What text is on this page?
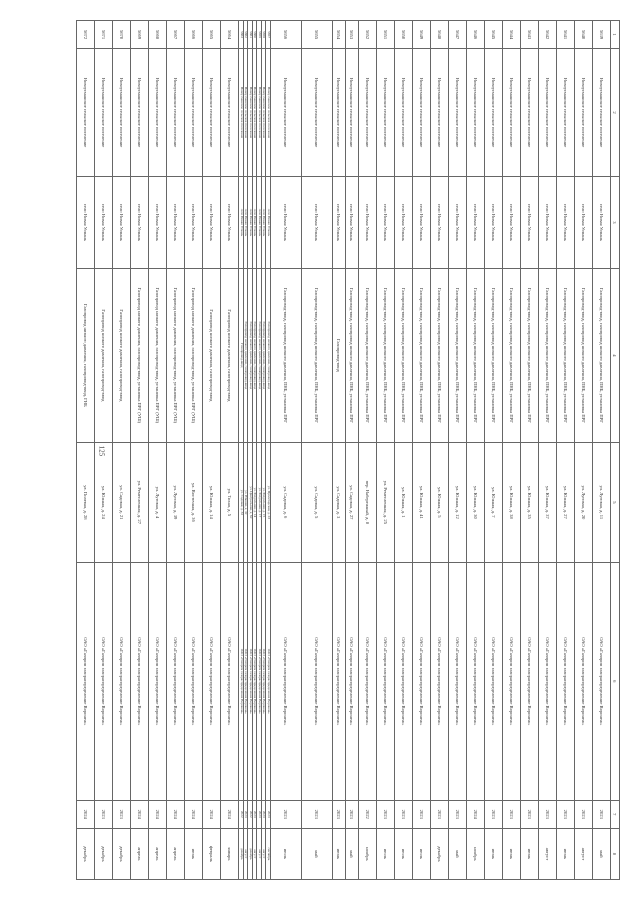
125
1	2	3	4	5	6	7	8
5639	Новоусманское сельское поселение	село Новая Усмань	Газопровод-ввод, газопровод низкого давления, ПНБ, установка ПРГ	ул. Луговая, д. 11	ОАО «Газпром газораспределение Воронеж»	2023	май
5640	Новоусманское сельское поселение	село Новая Усмань	Газопровод-ввод, газопровод низкого давления, ПНБ, установка ПРГ	ул. Луговая, д. 20	ОАО «Газпром газораспределение Воронеж»	2023	август
5641	Новоусманское сельское поселение	село Новая Усмань	Газопровод-ввод, газопровод низкого давления, ПНБ, установка ПРГ	ул. Южная, д. 27	ОАО «Газпром газораспределение Воронеж»	2023	июнь
5642	Новоусманское сельское поселение	село Новая Усмань	Газопровод-ввод, газопровод низкого давления, ПНБ, установка ПРГ	ул. Южная, д. 37	ОАО «Газпром газораспределение Воронеж»	2023	август
5643	Новоусманское сельское поселение	село Новая Усмань	Газопровод-ввод, газопровод низкого давления, ПНБ, установка ПРГ	ул. Южная, д. 35	ОАО «Газпром газораспределение Воронеж»	2023	июнь
5644	Новоусманское сельское поселение	село Новая Усмань	Газопровод-ввод, газопровод низкого давления, ПНБ, установка ПРГ	ул. Южная, д. 38	ОАО «Газпром газораспределение Воронеж»	2023	июнь
5645	Новоусманское сельское поселение	село Новая Усмань	Газопровод-ввод, газопровод низкого давления, ПНБ, установка ПРГ	ул. Южная, д. 7	ОАО «Газпром газораспределение Воронеж»	2023	июнь
5646	Новоусманское сельское поселение	село Новая Усмань	Газопровод-ввод, газопровод низкого давления, ПНБ, установка ПРГ	ул. Южная, д. 30	ОАО «Газпром газораспределение Воронеж»	2024	ноябрь
5647	Новоусманское сельское поселение	село Новая Усмань	Газопровод-ввод, газопровод низкого давления, ПНБ, установка ПРГ	ул. Южная, д. 12	ОАО «Газпром газораспределение Воронеж»	2023	май
5648	Новоусманское сельское поселение	село Новая Усмань	Газопровод-ввод, газопровод низкого давления, ПНБ, установка ПРГ	ул. Южная, д. 5	ОАО «Газпром газораспределение Воронеж»	2023	декабрь
5649	Новоусманское сельское поселение	село Новая Усмань	Газопровод-ввод, газопровод низкого давления, ПНБ, установка ПРГ	ул. Южная, д. 41	ОАО «Газпром газораспределение Воронеж»	2023	июль
5650	Новоусманское сельское поселение	село Новая Усмань	Газопровод-ввод, газопровод низкого давления, ПНБ, установка ПРГ	ул. Южная, д. 1	ОАО «Газпром газораспределение Воронеж»	2023	июль
5651	Новоусманское сельское поселение	село Новая Усмань	Газопровод-ввод, газопровод низкого давления, ПНБ, установка ПРГ	ул. Ремесленная, д. 25	ОАО «Газпром газораспределение Воронеж»	2023	июль
5652	Новоусманское сельское поселение	село Новая Усмань	Газопровод-ввод, газопровод низкого давления, ПНБ, установка ПРГ	пер. Набережный, д. 8	ОАО «Газпром газораспределение Воронеж»	2022	ноябрь
5653	Новоусманское сельское поселение	село Новая Усмань	Газопровод-ввод, газопровод низкого давления, ПНБ, установка ПРГ	ул. Садовая, д. 27	ОАО «Газпром газораспределение Воронеж»	2023	май
5654	Новоусманское сельское поселение	село Новая Усмань	Газопровод-ввод	ул. Садовая, д. 3	ОАО «Газпром газораспределение Воронеж»	2023	июнь
5655	Новоусманское сельское поселение	село Новая Усмань	Газопровод-ввод, газопровод низкого давления, ПНБ, установка ПРГ	ул. Садовая, д. 5	ОАО «Газпром газораспределение Воронеж»	2023	май
5656	Новоусманское сельское поселение	село Новая Усмань	Газопровод-ввод, газопровод низкого давления, ПНБ, установка ПРГ	ул. Садовая, д. 6	ОАО «Газпром газораспределение Воронеж»	2023	июль
5657	Новоусманское сельское поселение	село Новая Усмань	Газопровод низкого давления, газопровод-ввод	ул. Пролетарская, д. 23	ОАО «Газпром газораспределение Воронеж»	2023	сентябрь
5658	Новоусманское сельское поселение	село Новая Усмань	Газопровод низкого давления, газопровод-ввод	ул. Раздольная, д. 15	ОАО «Газпром газораспределение Воронеж»	2023	август
5659	Новоусманское сельское поселение	село Новая Усмань	Газопровод низкого давления, газопровод-ввод	ул. Раздольная, д. 17	ОАО «Газпром газораспределение Воронеж»	2023	август
5660	Новоусманское сельское поселение	село Новая Усмань	Газопровод низкого давления, газопровод-ввод	ул. Раздольная, д. 14	ОАО «Газпром газораспределение Воронеж»	2023	август
5661	Новоусманское сельское поселение	село Новая Усмань	Газопровод низкого давления, газопровод-ввод	ул. Центральная, д. 62	ОАО «Газпром газораспределение Воронеж»	2022	декабрь
5662	Новоусманское сельское поселение	село Новая Усмань	Газопровод низкого давления, газопровод-ввод	ул. Южная, д. 32	ОАО «Газпром газораспределение Воронеж»	2023	август
5663	Новоусманское сельское поселение	село Новая Усмань	Газопровод-ввод	ул. Садовая, д. 33	ОАО «Газпром газораспределение Воронеж»	2022	декабрь
5664	Новоусманское сельское поселение	село Новая Усмань	Газопровод низкого давления, газопровод-ввод	ул. Тихая, д. 5	ОАО «Газпром газораспределение Воронеж»	2024	январь
5665	Новоусманское сельское поселение	село Новая Усмань	Газопровод низкого давления, газопровод-ввод	ул. Южная, д. 14	ОАО «Газпром газораспределение Воронеж»	2024	февраль
5666	Новоусманское сельское поселение	село Новая Усмань	Газопровод низкого давления, газопровод-ввод, установка ПРГ (УШ)	ул. Восточная, д. 36	ОАО «Газпром газораспределение Воронеж»	2024	июнь
5667	Новоусманское сельское поселение	село Новая Усмань	Газопровод низкого давления, газопровод-ввод, установка ПРГ (УШ)	ул. Луговая, д. 39	ОАО «Газпром газораспределение Воронеж»	2024	апрель
5668	Новоусманское сельское поселение	село Новая Усмань	Газопровод низкого давления, газопровод-ввод, установка ПРГ (УШ)	ул. Луговая, д. 4	ОАО «Газпром газораспределение Воронеж»	2024	апрель
5669	Новоусманское сельское поселение	село Новая Усмань	Газопровод низкого давления, газопровод-ввод, установка ПРГ (УШ)	ул. Ремесленная, д. 27	ОАО «Газпром газораспределение Воронеж»	2024	апрель
5670	Новоусманское сельское поселение	село Новая Усмань	Газопровод низкого давления, газопровод-ввод	ул. Садовая, д. 21	ОАО «Газпром газораспределение Воронеж»	2023	декабрь
5671	Новоусманское сельское поселение	село Новая Усмань	Газопровод низкого давления, газопровод-ввод	ул. Южная, д. 24	ОАО «Газпром газораспределение Воронеж»	2023	декабрь
5672	Новоусманское сельское поселение	село Новая Усмань	Газопровод низкого давления, газопровод-ввод, ГНБ	ул. Полевая, д. 28	ОАО «Газпром газораспределение Воронеж»	2024	декабрь
